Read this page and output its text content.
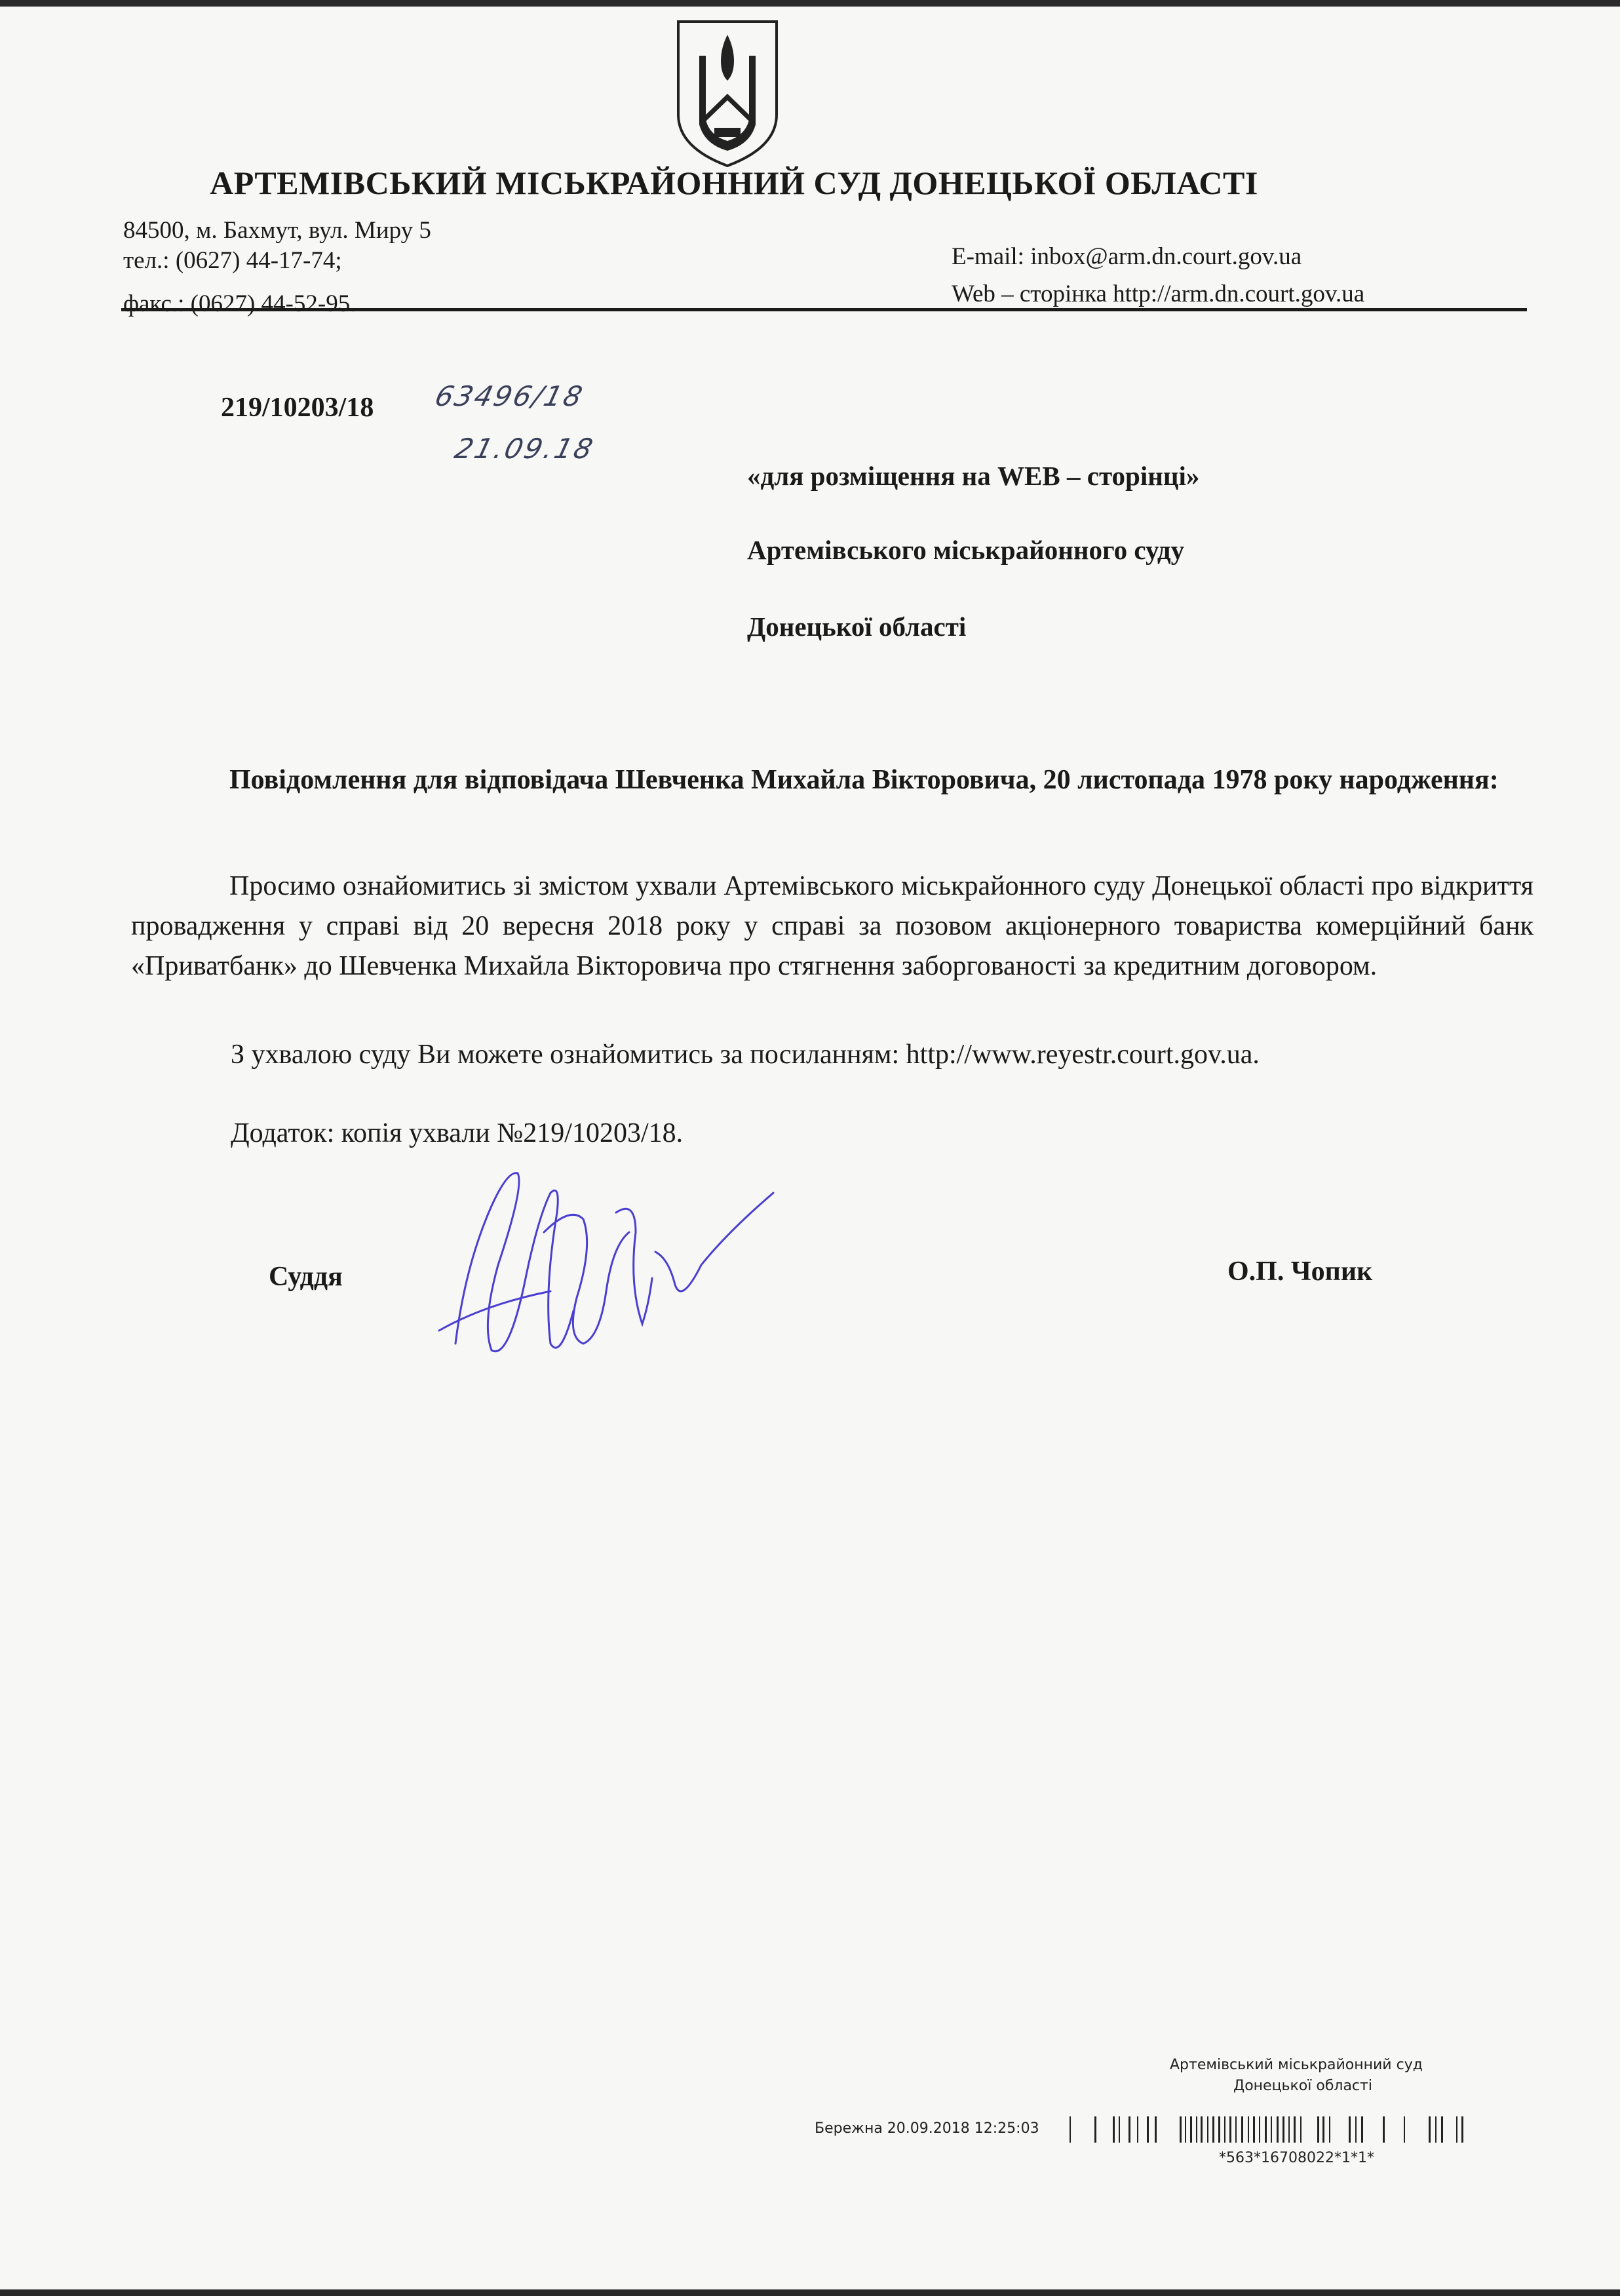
АРТЕМІВСЬКИЙ МІСЬКРАЙОННИЙ СУД ДОНЕЦЬКОЇ ОБЛАСТІ
84500, м. Бахмут, вул. Миру 5
тел.: (0627) 44-17-74;
факс.: (0627) 44-52-95.
E-mail: inbox@arm.dn.court.gov.ua
Web – сторінка http://arm.dn.court.gov.ua
219/10203/18 63496/18
21.09.18
«для розміщення на WEB – сторінці»
Артемівського міськрайонного суду
Донецької області
Повідомлення для відповідача Шевченка Михайла Вікторовича, 20 листопада 1978 року народження:
Просимо ознайомитись зі змістом ухвали Артемівського міськрайонного суду Донецької області про відкриття провадження у справі від 20 вересня 2018 року у справі за позовом акціонерного товариства комерційний банк «Приватбанк» до Шевченка Михайла Вікторовича про стягнення заборгованості за кредитним договором.
З ухвалою суду Ви можете ознайомитись за посиланням: http://www.reyestr.court.gov.ua.
Додаток: копія ухвали №219/10203/18.
Суддя	О.П. Чопик
Артемівський міськрайонний суд
Донецької області
Бережна 20.09.2018 12:25:03
*563*16708022*1*1*
